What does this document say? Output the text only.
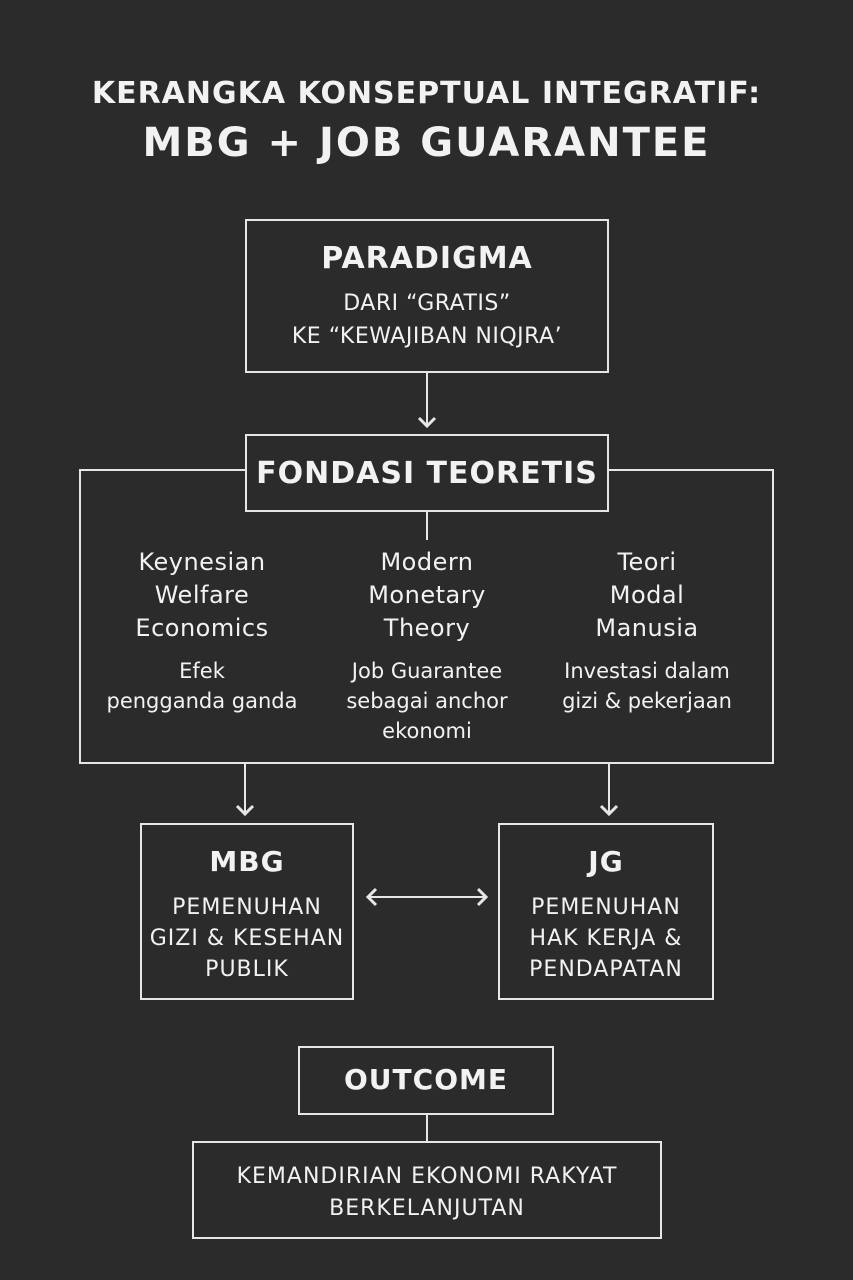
KERANGKA KONSEPTUAL INTEGRATIF:
MBG + JOB GUARANTEE
PARADIGMA
DARI “GRATIS”
KE “KEWAJIBAN NIQJRA’
FONDASI TEORETIS
Keynesian
Welfare
Economics
Efek
pengganda ganda
Modern
Monetary
Theory
Job Guarantee
sebagai anchor
ekonomi
Teori
Modal
Manusia
Investasi dalam
gizi & pekerjaan
MBG
PEMENUHAN
GIZI & KESEHAN
PUBLIK
JG
PEMENUHAN
HAK KERJA &
PENDAPATAN
OUTCOME
KEMANDIRIAN EKONOMI RAKYAT
BERKELANJUTAN
